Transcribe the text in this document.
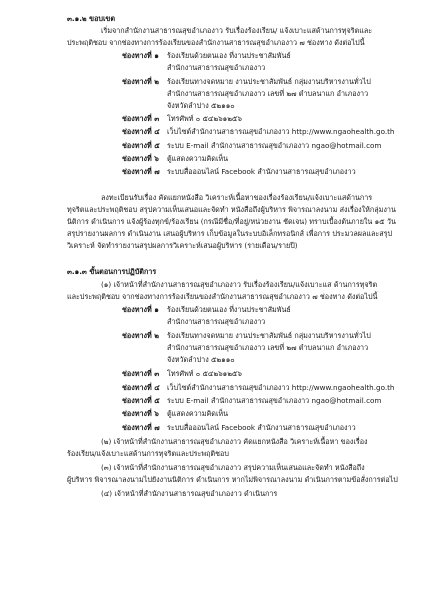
๓.๑.๒ ขอบเขต
เริ่มจากสำนักงานสาธารณสุขอำเภองาว รับเรื่องร้องเรียน/ แจ้งเบาะแสด้านการทุจริตและ
ประพฤติชอบ จากช่องทางการร้องเรียนของสำนักงานสาธารณสุขอำเภองาว ๗ ช่องทาง ดังต่อไปนี้
ช่องทางที่ ๑ ร้องเรียนด้วยตนเอง ที่งานประชาสัมพันธ์
สำนักงานสาธารณสุขอำเภองาว
ช่องทางที่ ๒ ร้องเรียนทางจดหมาย งานประชาสัมพันธ์ กลุ่มงานบริหารงานทั่วไป
สำนักงานสาธารณสุขอำเภองาว เลขที่ ๒๗ ตำบลนาแก อำเภองาว
จังหวัดลำปาง ๕๒๑๑๐
ช่องทางที่ ๓ โทรศัพท์ ๐ ๕๔๒๖๑๒๕๖
ช่องทางที่ ๔ เว็บไซต์สำนักงานสาธารณสุขอำเภองาว http://www.ngaohealth.go.th
ช่องทางที่ ๕ ระบบ E-mail สำนักงานสาธารณสุขอำเภองาว ngao@hotmail.com
ช่องทางที่ ๖ ตู้แสดงความคิดเห็น
ช่องทางที่ ๗ ระบบสื่อออนไลน์ Facebook สำนักงานสาธารณสุขอำเภองาว
ลงทะเบียนรับเรื่อง คัดแยกหนังสือ วิเคราะห์เนื้อหาของเรื่องร้องเรียน/แจ้งเบาะแสด้านการ
ทุจริตและประพฤติชอบ สรุปความเห็นเสนอและจัดทำ หนังสือถึงผู้บริหาร พิจารณาลงนาม ส่งเรื่องให้กลุ่มงาน
นิติการ ดำเนินการ แจ้งผู้ร้องทุกข์/ร้องเรียน (กรณีมีชื่อ/ที่อยู่/หน่วยงาน ชัดเจน) ทราบเบื้องต้นภายใน ๑๕ วัน
สรุปรายงานผลการ ดำเนินงาน เสนอผู้บริหาร เก็บข้อมูลในระบบอิเล็กทรอนิกส์ เพื่อการ ประมวลผลและสรุป
วิเคราะห์ จัดทำรายงานสรุปผลการวิเคราะห์เสนอผู้บริหาร (รายเดือน/รายปี)
๓.๑.๓ ขั้นตอนการปฏิบัติการ
(๑) เจ้าหน้าที่สำนักงานสาธารณสุขอำเภองาว รับเรื่องร้องเรียน/แจ้งเบาะแส ด้านการทุจริต
และประพฤติชอบ จากช่องทางการร้องเรียนของสำนักงานสาธารณสุขอำเภองาว ๗ ช่องทาง ดังต่อไปนี้
ช่องทางที่ ๑ ร้องเรียนด้วยตนเอง ที่งานประชาสัมพันธ์
สำนักงานสาธารณสุขอำเภองาว
ช่องทางที่ ๒ ร้องเรียนทางจดหมาย งานประชาสัมพันธ์ กลุ่มงานบริหารงานทั่วไป
สำนักงานสาธารณสุขอำเภองาว เลขที่ ๒๗ ตำบลนาแก อำเภองาว
จังหวัดลำปาง ๕๒๑๑๐
ช่องทางที่ ๓ โทรศัพท์ ๐ ๕๔๒๖๑๒๕๖
ช่องทางที่ ๔ เว็บไซต์สำนักงานสาธารณสุขอำเภองาว http://www.ngaohealth.go.th
ช่องทางที่ ๕ ระบบ E-mail สำนักงานสาธารณสุขอำเภองาว ngao@hotmail.com
ช่องทางที่ ๖ ตู้แสดงความคิดเห็น
ช่องทางที่ ๗ ระบบสื่อออนไลน์ Facebook สำนักงานสาธารณสุขอำเภองาว
(๒) เจ้าหน้าที่สำนักงานสาธารณสุขอำเภองาว คัดแยกหนังสือ วิเคราะห์เนื้อหา ของเรื่อง
ร้องเรียน/แจ้งเบาะแสด้านการทุจริตและประพฤติชอบ
(๓) เจ้าหน้าที่สำนักงานสาธารณสุขอำเภองาว สรุปความเห็นเสนอและจัดทำ หนังสือถึง
ผู้บริหาร พิจารณาลงนามไปยังงานนิติการ ดำเนินการ หากไม่พิจารณาลงนาม ดำเนินการตามข้อสั่งการต่อไป
(๔) เจ้าหน้าที่สำนักงานสาธารณสุขอำเภองาว ดำเนินการ
